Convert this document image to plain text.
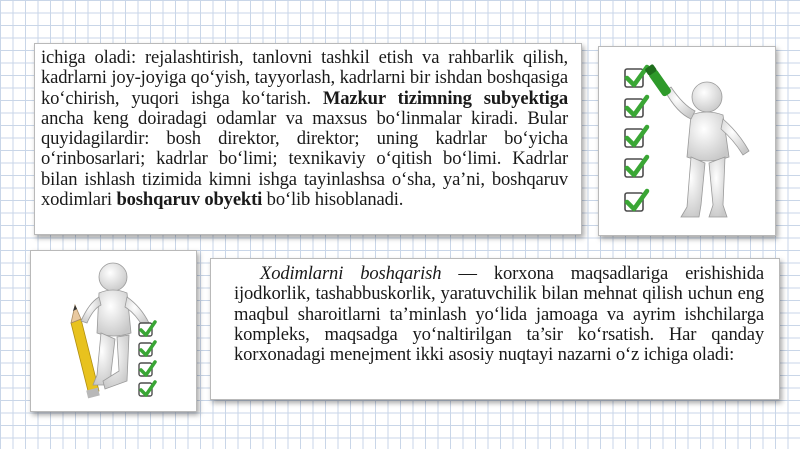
ichiga oladi: rejalashtirish, tanlovni tashkil etish va rahbarlik qilish, kadrlarni joy-joyiga qo‘yish, tayyorlash, kadrlarni bir ishdan boshqasiga ko‘chirish, yuqori ishga ko‘tarish. Mazkur tizimning subyektiga ancha keng doiradagi odamlar va maxsus bo‘linmalar kiradi. Bular quyidagilardir: bosh direktor, direktor; uning kadrlar bo‘yicha o‘rinbosarlari; kadrlar bo‘limi; texnikaviy o‘qitish bo‘limi. Kadrlar bilan ishlash tizimida kimni ishga tayinlashsa o‘sha, ya’ni, boshqaruv xodimlari boshqaruv obyekti bo‘lib hisoblanadi.

Xodimlarni boshqarish — korxona maqsadlariga erishishida ijodkorlik, tashabbuskorlik, yaratuvchilik bilan mehnat qilish uchun eng maqbul sharoitlarni ta’minlash yo‘lida jamoaga va ayrim ishchilarga kompleks, maqsadga yo‘naltirilgan ta’sir ko‘rsatish. Har qanday korxonadagi menejment ikki asosiy nuqtayi nazarni o‘z ichiga oladi:
